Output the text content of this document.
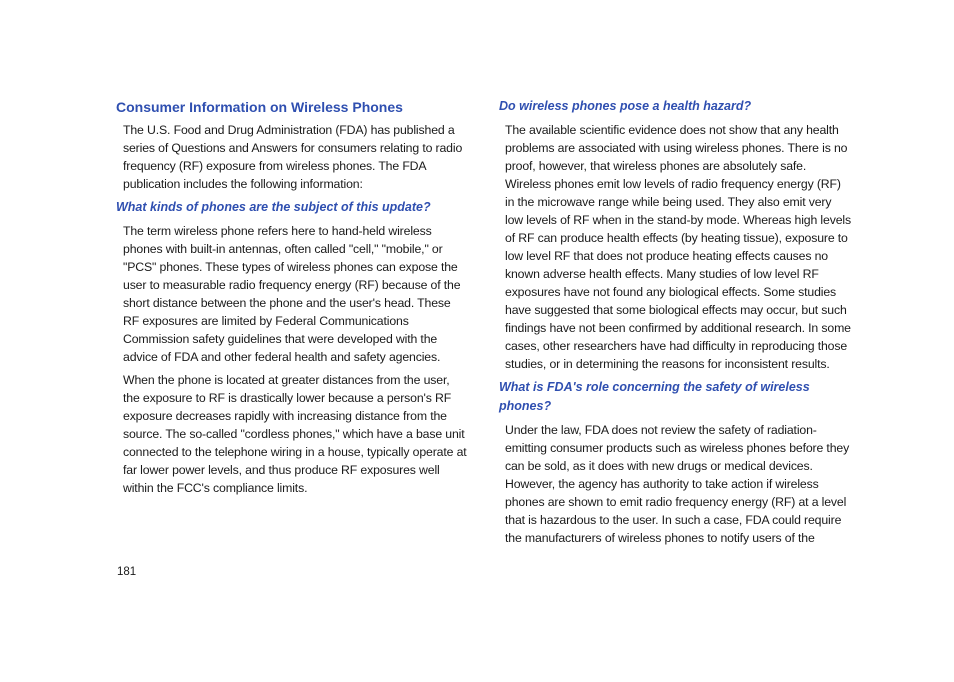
Consumer Information on Wireless Phones

The U.S. Food and Drug Administration (FDA) has published a series of Questions and Answers for consumers relating to radio frequency (RF) exposure from wireless phones. The FDA publication includes the following information:

What kinds of phones are the subject of this update?

The term wireless phone refers here to hand-held wireless phones with built-in antennas, often called "cell," "mobile," or "PCS" phones. These types of wireless phones can expose the user to measurable radio frequency energy (RF) because of the short distance between the phone and the user's head. These RF exposures are limited by Federal Communications Commission safety guidelines that were developed with the advice of FDA and other federal health and safety agencies.

When the phone is located at greater distances from the user, the exposure to RF is drastically lower because a person's RF exposure decreases rapidly with increasing distance from the source. The so-called "cordless phones," which have a base unit connected to the telephone wiring in a house, typically operate at far lower power levels, and thus produce RF exposures well within the FCC's compliance limits.

Do wireless phones pose a health hazard?

The available scientific evidence does not show that any health problems are associated with using wireless phones. There is no proof, however, that wireless phones are absolutely safe. Wireless phones emit low levels of radio frequency energy (RF) in the microwave range while being used. They also emit very low levels of RF when in the stand-by mode. Whereas high levels of RF can produce health effects (by heating tissue), exposure to low level RF that does not produce heating effects causes no known adverse health effects. Many studies of low level RF exposures have not found any biological effects. Some studies have suggested that some biological effects may occur, but such findings have not been confirmed by additional research. In some cases, other researchers have had difficulty in reproducing those studies, or in determining the reasons for inconsistent results.

What is FDA's role concerning the safety of wireless phones?

Under the law, FDA does not review the safety of radiation-emitting consumer products such as wireless phones before they can be sold, as it does with new drugs or medical devices. However, the agency has authority to take action if wireless phones are shown to emit radio frequency energy (RF) at a level that is hazardous to the user. In such a case, FDA could require the manufacturers of wireless phones to notify users of the

181
